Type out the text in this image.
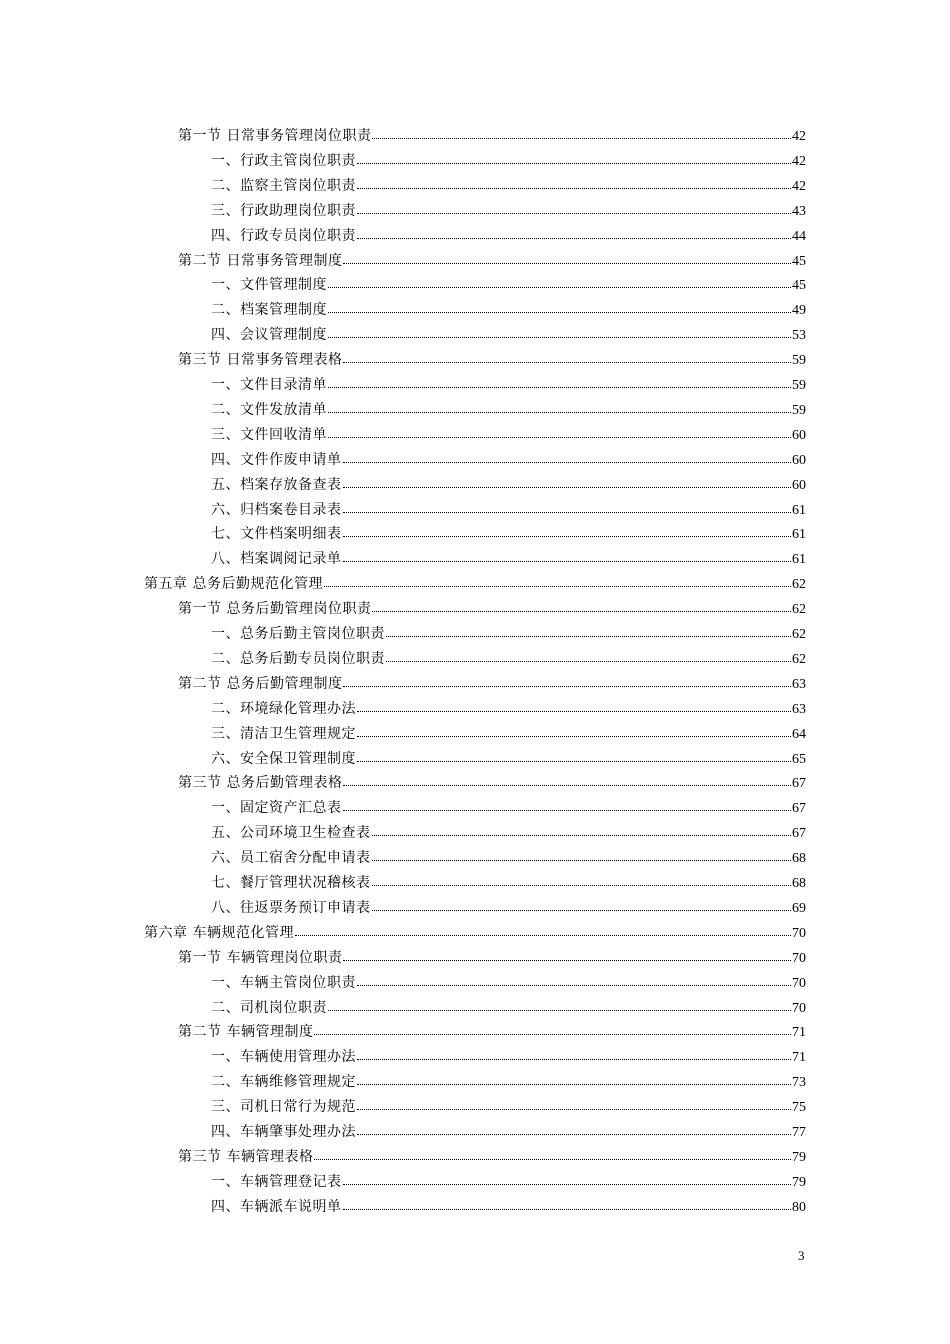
第一节 日常事务管理岗位职责	42
一、行政主管岗位职责	42
二、监察主管岗位职责	42
三、行政助理岗位职责	43
四、行政专员岗位职责	44
第二节 日常事务管理制度	45
一、文件管理制度	45
二、档案管理制度	49
四、会议管理制度	53
第三节 日常事务管理表格	59
一、文件目录清单	59
二、文件发放清单	59
三、文件回收清单	60
四、文件作废申请单	60
五、档案存放备查表	60
六、归档案卷目录表	61
七、文件档案明细表	61
八、档案调阅记录单	61
第五章 总务后勤规范化管理	62
第一节 总务后勤管理岗位职责	62
一、总务后勤主管岗位职责	62
二、总务后勤专员岗位职责	62
第二节 总务后勤管理制度	63
二、环境绿化管理办法	63
三、清洁卫生管理规定	64
六、安全保卫管理制度	65
第三节 总务后勤管理表格	67
一、固定资产汇总表	67
五、公司环境卫生检查表	67
六、员工宿舍分配申请表	68
七、餐厅管理状况稽核表	68
八、往返票务预订申请表	69
第六章 车辆规范化管理	70
第一节 车辆管理岗位职责	70
一、车辆主管岗位职责	70
二、司机岗位职责	70
第二节 车辆管理制度	71
一、车辆使用管理办法	71
二、车辆维修管理规定	73
三、司机日常行为规范	75
四、车辆肇事处理办法	77
第三节 车辆管理表格	79
一、车辆管理登记表	79
四、车辆派车说明单	80
3
